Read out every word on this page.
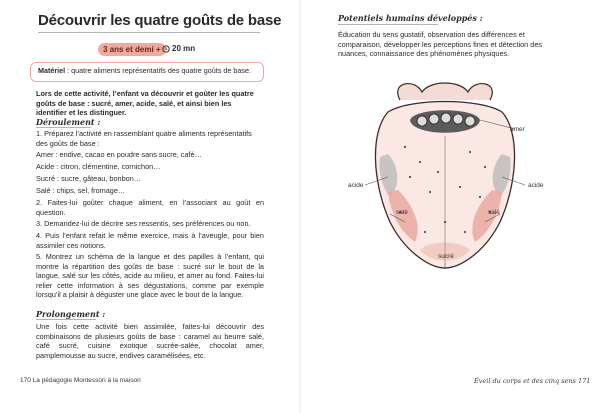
Découvrir les quatre goûts de base
3 ans et demi +	20 mn
Matériel : quatre aliments représentatifs des quatre goûts de base.

Lors de cette activité, l’enfant va découvrir et goûter les quatre goûts de base : sucré, amer, acide, salé, et ainsi bien les identifier et les distinguer.

Déroulement :

1. Préparez l’activité en rassemblant quatre aliments représentatifs des goûts de base :

Amer : endive, cacao en poudre sans sucre, café…

Acide : citron, clémentine, cornichon…

Sucré : sucre, gâteau, bonbon…

Salé : chips, sel, fromage…

2. Faites-lui goûter chaque aliment, en l’associant au goût en question.

3. Demandez-lui de décrire ses ressentis, ses préférences ou non.

4. Puis l’enfant refait le même exercice, mais à l’aveugle, pour bien assimiler ces notions.

5. Montrez un schéma de la langue et des papilles à l’enfant, qui montre la répartition des goûts de base : sucré sur le bout de la langue, salé sur les côtés, acide au milieu, et amer au fond. Faites-lui relier cette information à ses dégustations, comme par exemple lorsqu’il a plaisir à déguster une glace avec le bout de la langue.

Prolongement :

Une fois cette activité bien assimilée, faites-lui découvrir des combinaisons de plusieurs goûts de base : caramel au beurre salé, café sucré, cuisine exotique sucrée-salée, chocolat amer, pamplemousse au sucre, endives caramélisées, etc.

170 La pédagogie Montessori à la maison
Potentiels humains développés :
Éducation du sens gustatif, observation des différences et comparaison, développer les perceptions fines et détection des nuances, connaissance des phénomènes physiques.
amer
acide	acide
salé	salé
sucré
Éveil du corps et des cinq sens 171
